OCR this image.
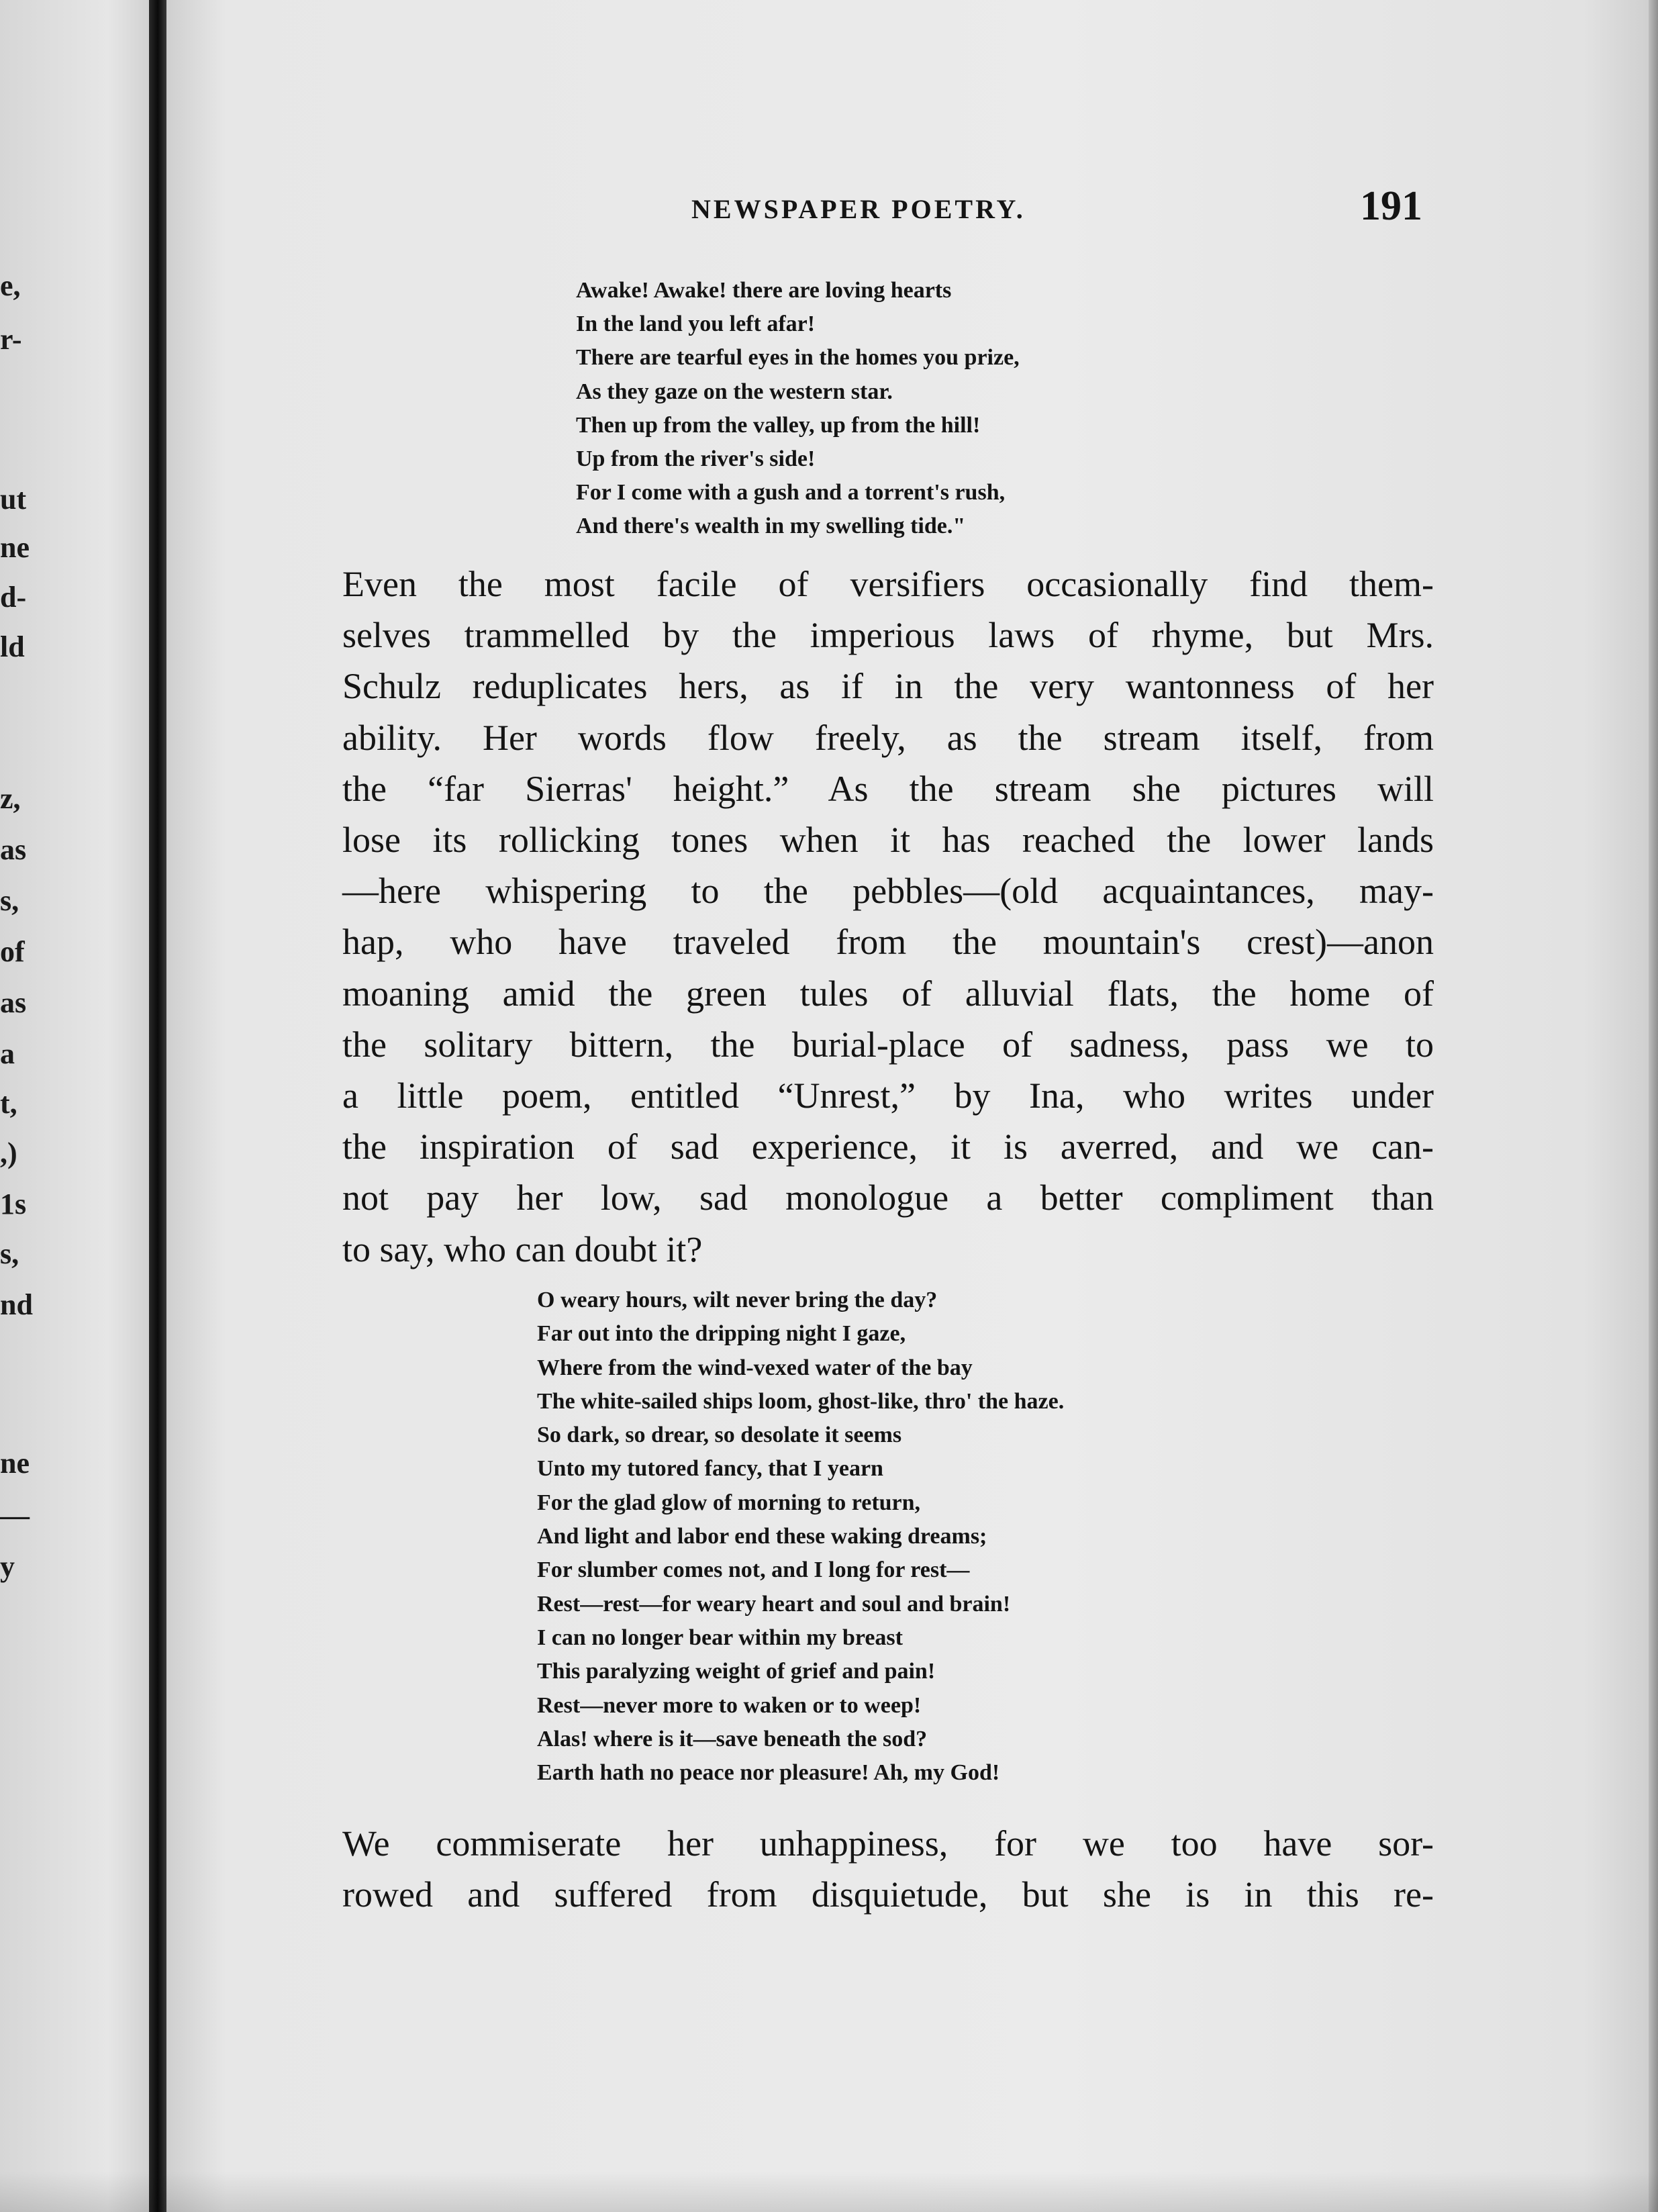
e,
r-
ut
ne
d-
ld
z,
as
s,
of
as
a
t,
,)
1s
s,
nd
ne
—
y
NEWSPAPER POETRY.	191
Awake! Awake! there are loving hearts
In the land you left afar!
There are tearful eyes in the homes you prize,
As they gaze on the western star.
Then up from the valley, up from the hill!
Up from the river's side!
For I come with a gush and a torrent's rush,
And there's wealth in my swelling tide."
Even the most facile of versifiers occasionally find them-
selves trammelled by the imperious laws of rhyme, but Mrs.
Schulz reduplicates hers, as if in the very wantonness of her
ability. Her words flow freely, as the stream itself, from
the “far Sierras' height.” As the stream she pictures will
lose its rollicking tones when it has reached the lower lands
—here whispering to the pebbles—(old acquaintances, may-
hap, who have traveled from the mountain's crest)—anon
moaning amid the green tules of alluvial flats, the home of
the solitary bittern, the burial-place of sadness, pass we to
a little poem, entitled “Unrest,” by Ina, who writes under
the inspiration of sad experience, it is averred, and we can-
not pay her low, sad monologue a better compliment than
to say, who can doubt it?
O weary hours, wilt never bring the day?
Far out into the dripping night I gaze,
Where from the wind-vexed water of the bay
The white-sailed ships loom, ghost-like, thro' the haze.
So dark, so drear, so desolate it seems
Unto my tutored fancy, that I yearn
For the glad glow of morning to return,
And light and labor end these waking dreams;
For slumber comes not, and I long for rest—
Rest—rest—for weary heart and soul and brain!
I can no longer bear within my breast
This paralyzing weight of grief and pain!
Rest—never more to waken or to weep!
Alas! where is it—save beneath the sod?
Earth hath no peace nor pleasure! Ah, my God!
We commiserate her unhappiness, for we too have sor-
rowed and suffered from disquietude, but she is in this re-
